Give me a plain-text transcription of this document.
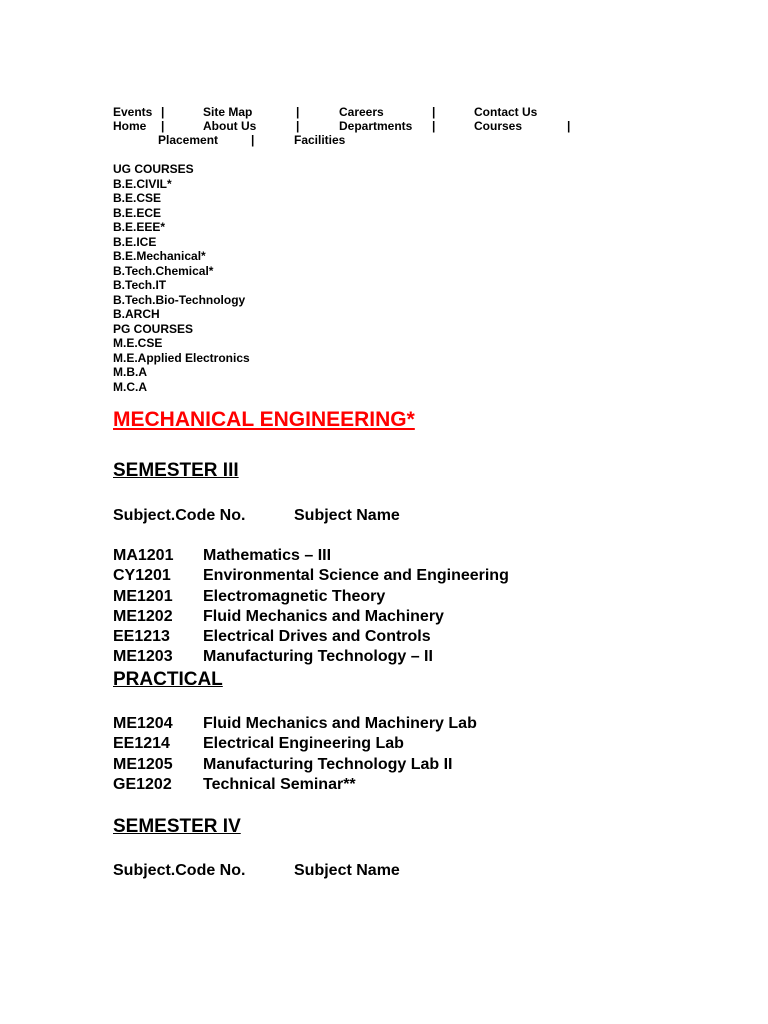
Events |	Site Map	|	Careers	|	Contact Us
Home |	About Us	|	Departments |	Courses	|
Placement	|	Facilities
UG COURSES
B.E.CIVIL*
B.E.CSE
B.E.ECE
B.E.EEE*
B.E.ICE
B.E.Mechanical*
B.Tech.Chemical*
B.Tech.IT
B.Tech.Bio-Technology
B.ARCH
PG COURSES
M.E.CSE
M.E.Applied Electronics
M.B.A
M.C.A
MECHANICAL ENGINEERING*
SEMESTER III
Subject.Code No.	Subject Name
MA1201 Mathematics – III
CY1201 Environmental Science and Engineering
ME1201 Electromagnetic Theory
ME1202 Fluid Mechanics and Machinery
EE1213 Electrical Drives and Controls
ME1203 Manufacturing Technology – II
PRACTICAL
ME1204 Fluid Mechanics and Machinery Lab
EE1214 Electrical Engineering Lab
ME1205 Manufacturing Technology Lab II
GE1202 Technical Seminar**
SEMESTER IV
Subject.Code No.	Subject Name
